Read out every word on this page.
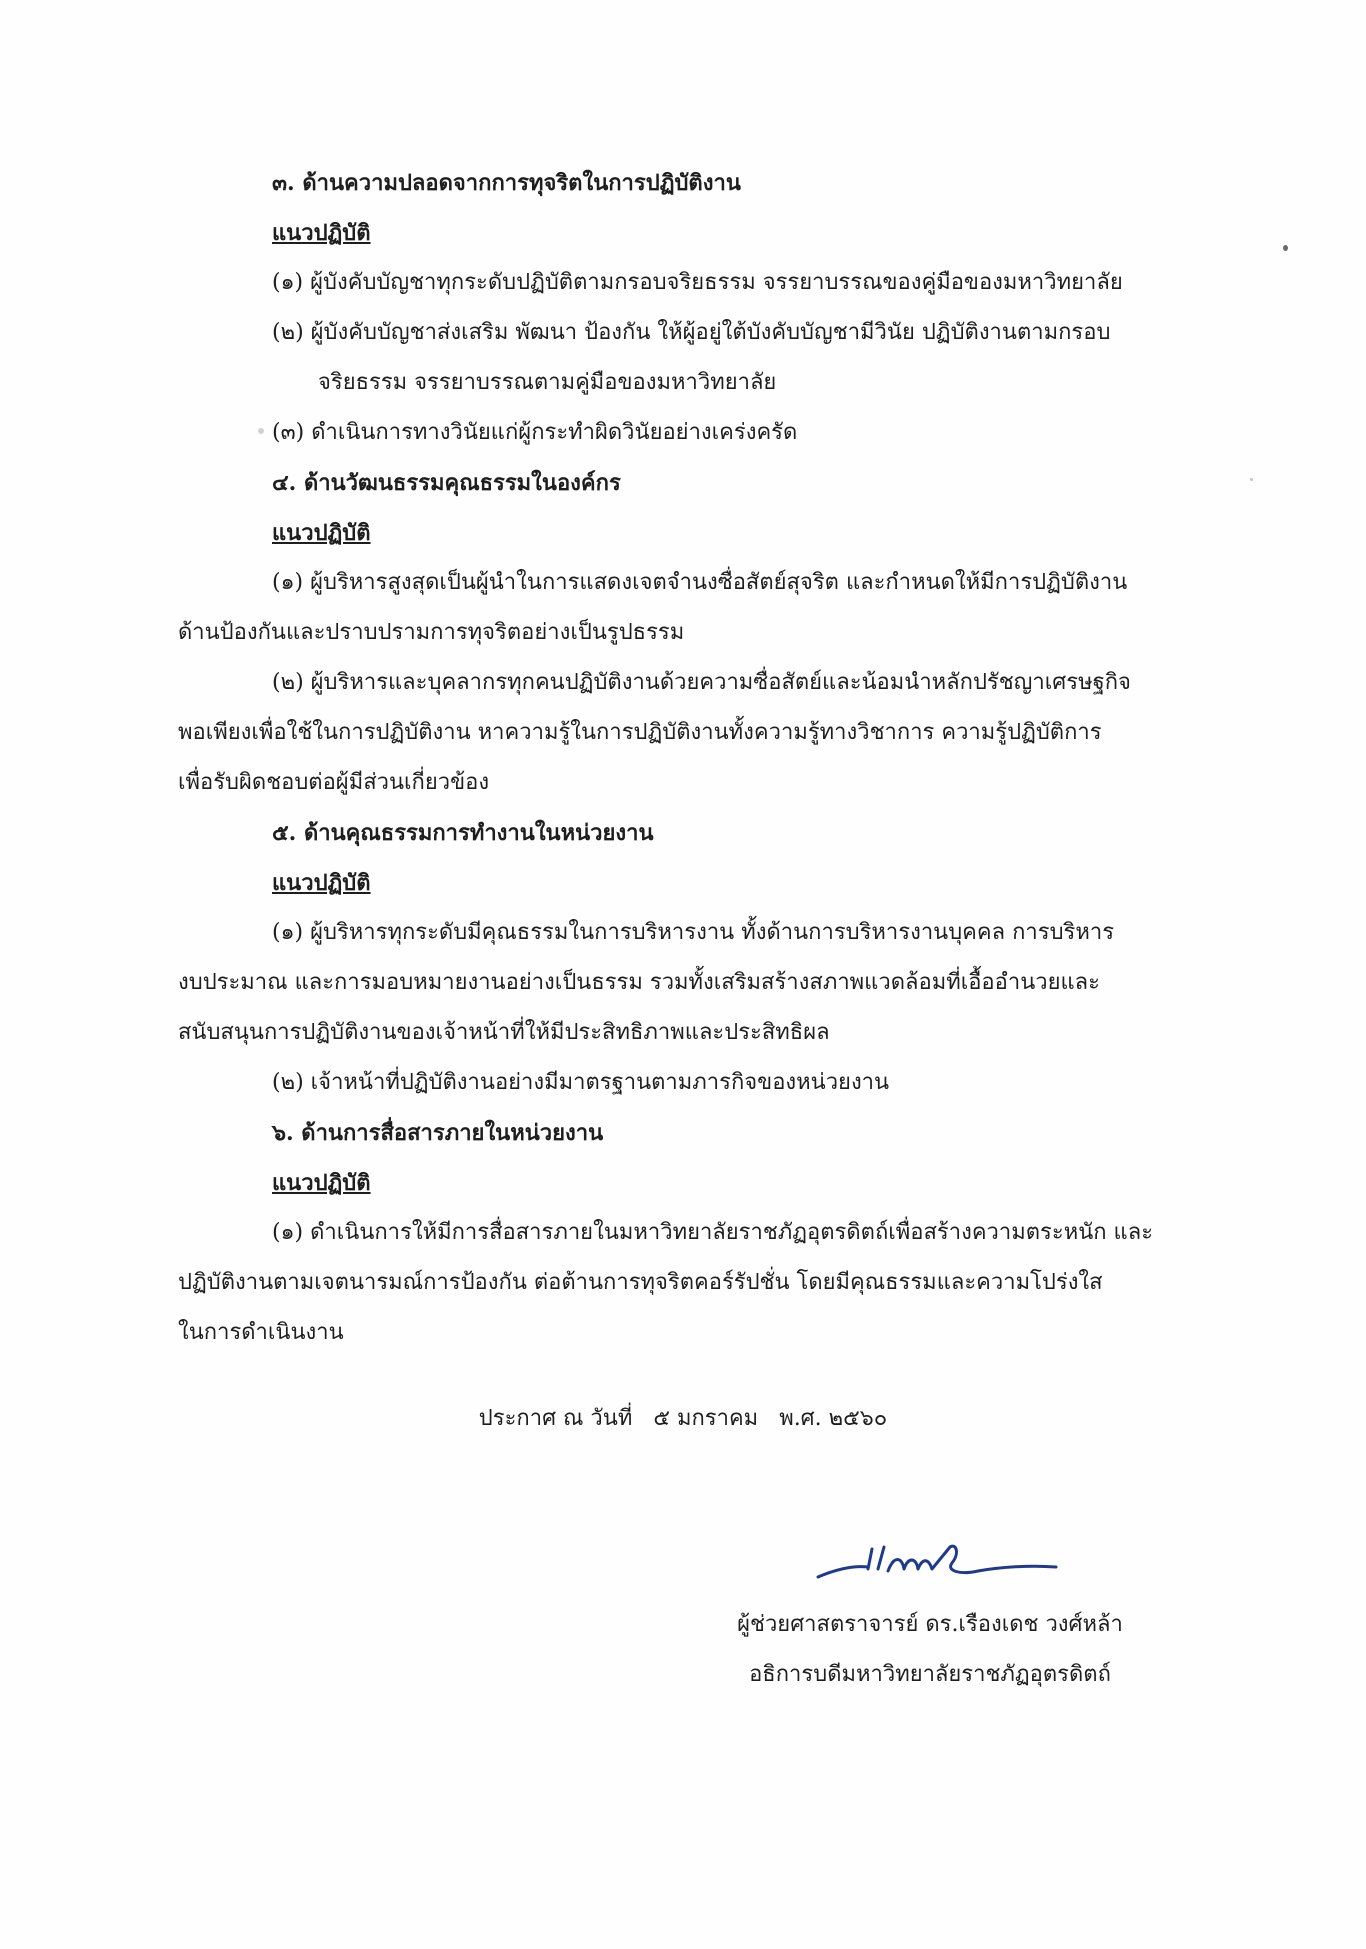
๓. ด้านความปลอดจากการทุจริตในการปฏิบัติงาน
แนวปฏิบัติ
(๑) ผู้บังคับบัญชาทุกระดับปฏิบัติตามกรอบจริยธรรม จรรยาบรรณของคู่มือของมหาวิทยาลัย
(๒) ผู้บังคับบัญชาส่งเสริม พัฒนา ป้องกัน ให้ผู้อยู่ใต้บังคับบัญชามีวินัย ปฏิบัติงานตามกรอบ
จริยธรรม จรรยาบรรณตามคู่มือของมหาวิทยาลัย
(๓) ดำเนินการทางวินัยแก่ผู้กระทำผิดวินัยอย่างเคร่งครัด
๔. ด้านวัฒนธรรมคุณธรรมในองค์กร
แนวปฏิบัติ
(๑) ผู้บริหารสูงสุดเป็นผู้นำในการแสดงเจตจำนงซื่อสัตย์สุจริต และกำหนดให้มีการปฏิบัติงาน
ด้านป้องกันและปราบปรามการทุจริตอย่างเป็นรูปธรรม
(๒) ผู้บริหารและบุคลากรทุกคนปฏิบัติงานด้วยความซื่อสัตย์และน้อมนำหลักปรัชญาเศรษฐกิจ
พอเพียงเพื่อใช้ในการปฏิบัติงาน หาความรู้ในการปฏิบัติงานทั้งความรู้ทางวิชาการ ความรู้ปฏิบัติการ
เพื่อรับผิดชอบต่อผู้มีส่วนเกี่ยวข้อง
๕. ด้านคุณธรรมการทำงานในหน่วยงาน
แนวปฏิบัติ
(๑) ผู้บริหารทุกระดับมีคุณธรรมในการบริหารงาน ทั้งด้านการบริหารงานบุคคล การบริหาร
งบประมาณ และการมอบหมายงานอย่างเป็นธรรม รวมทั้งเสริมสร้างสภาพแวดล้อมที่เอื้ออำนวยและ
สนับสนุนการปฏิบัติงานของเจ้าหน้าที่ให้มีประสิทธิภาพและประสิทธิผล
(๒) เจ้าหน้าที่ปฏิบัติงานอย่างมีมาตรฐานตามภารกิจของหน่วยงาน
๖. ด้านการสื่อสารภายในหน่วยงาน
แนวปฏิบัติ
(๑) ดำเนินการให้มีการสื่อสารภายในมหาวิทยาลัยราชภัฏอุตรดิตถ์เพื่อสร้างความตระหนัก และ
ปฏิบัติงานตามเจตนารมณ์การป้องกัน ต่อต้านการทุจริตคอร์รัปชั่น โดยมีคุณธรรมและความโปร่งใส
ในการดำเนินงาน
ประกาศ ณ วันที่ ๕ มกราคม พ.ศ. ๒๕๖๐
ผู้ช่วยศาสตราจารย์ ดร.เรืองเดช วงศ์หล้า
อธิการบดีมหาวิทยาลัยราชภัฏอุตรดิตถ์
